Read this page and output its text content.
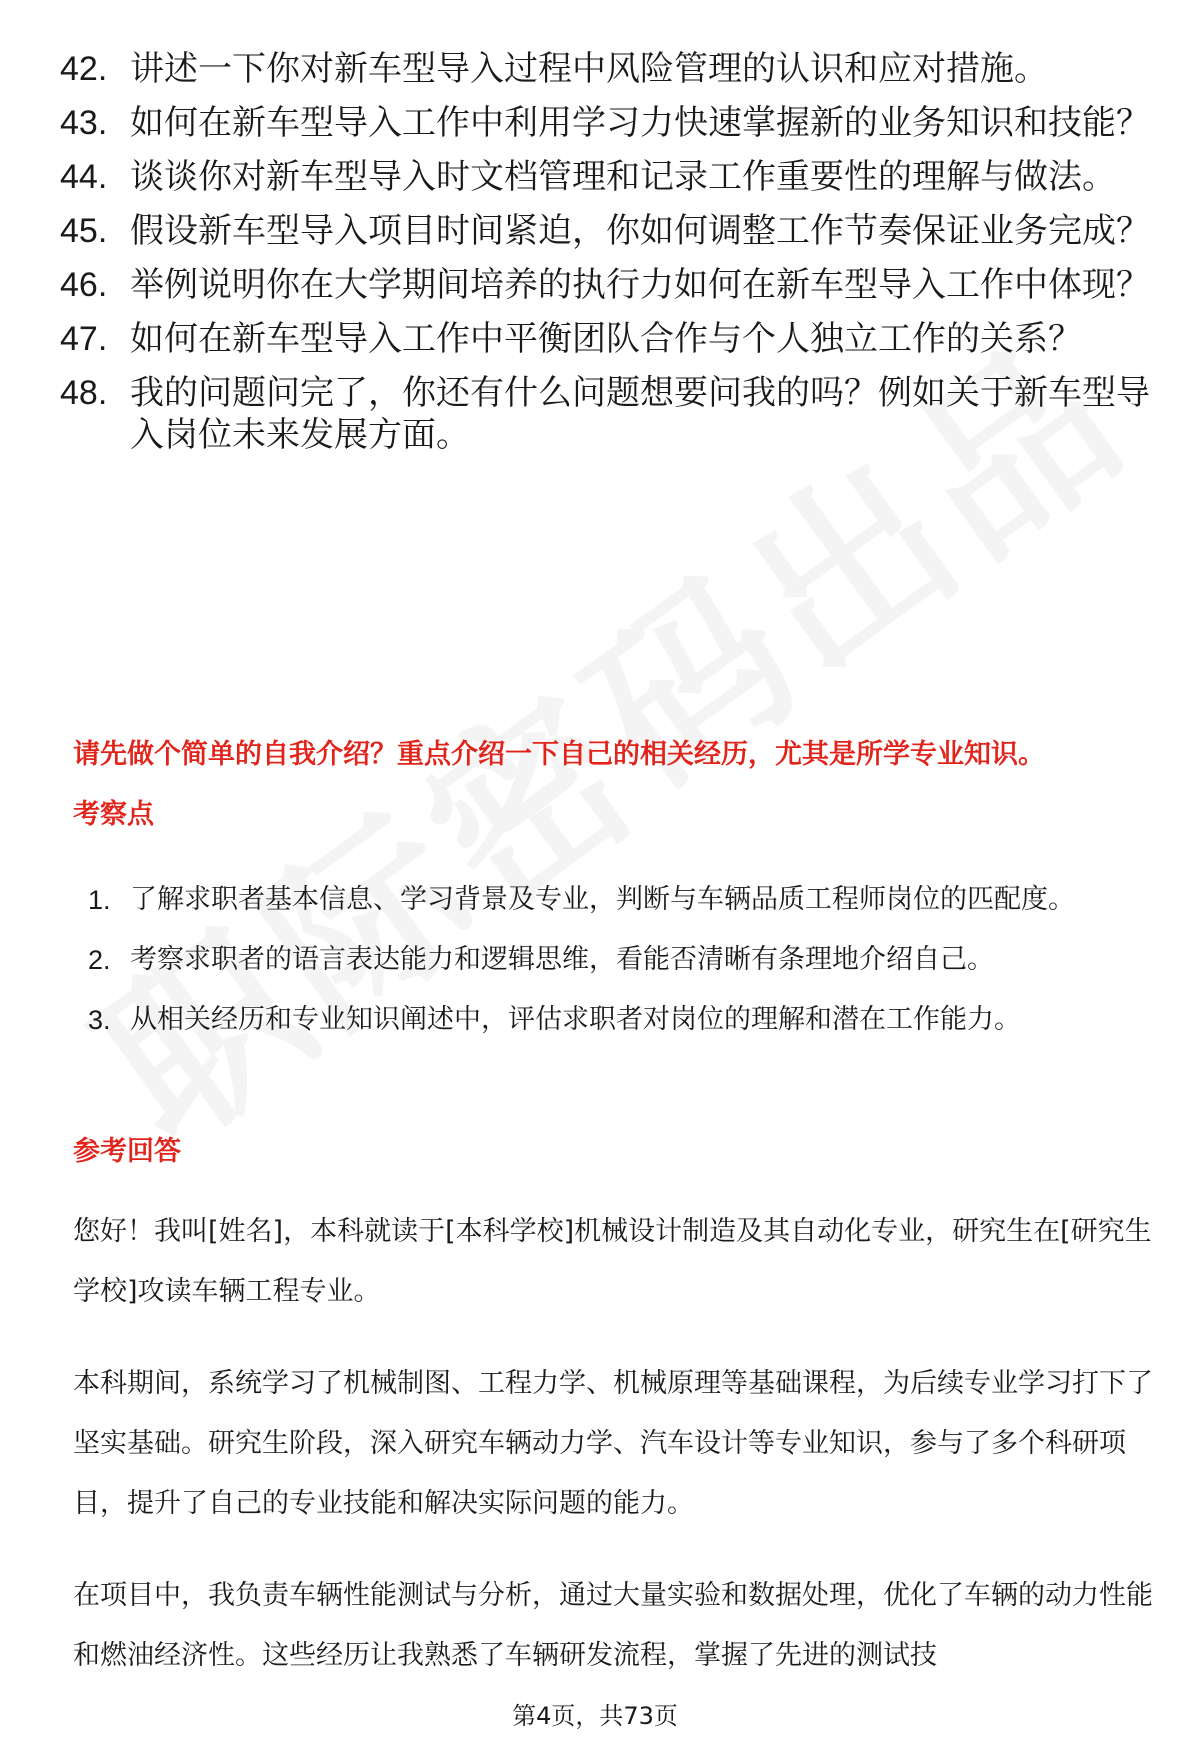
42. 讲述一下你对新车型导入过程中风险管理的认识和应对措施。
43. 如何在新车型导入工作中利用学习力快速掌握新的业务知识和技能？
44. 谈谈你对新车型导入时文档管理和记录工作重要性的理解与做法。
45. 假设新车型导入项目时间紧迫，你如何调整工作节奏保证业务完成？
46. 举例说明你在大学期间培养的执行力如何在新车型导入工作中体现？
47. 如何在新车型导入工作中平衡团队合作与个人独立工作的关系？
48. 我的问题问完了，你还有什么问题想要问我的吗？例如关于新车型导入岗位未来发展方面。
请先做个简单的自我介绍？重点介绍一下自己的相关经历，尤其是所学专业知识。
考察点
1. 了解求职者基本信息、学习背景及专业，判断与车辆品质工程师岗位的匹配度。
2. 考察求职者的语言表达能力和逻辑思维，看能否清晰有条理地介绍自己。
3. 从相关经历和专业知识阐述中，评估求职者对岗位的理解和潜在工作能力。
参考回答

您好！我叫[姓名]，本科就读于[本科学校]机械设计制造及其自动化专业，研究生在[研究生学校]攻读车辆工程专业。

本科期间，系统学习了机械制图、工程力学、机械原理等基础课程，为后续专业学习打下了坚实基础。研究生阶段，深入研究车辆动力学、汽车设计等专业知识，参与了多个科研项目，提升了自己的专业技能和解决实际问题的能力。

在项目中，我负责车辆性能测试与分析，通过大量实验和数据处理，优化了车辆的动力性能和燃油经济性。这些经历让我熟悉了车辆研发流程，掌握了先进的测试技

第4页，共73页
